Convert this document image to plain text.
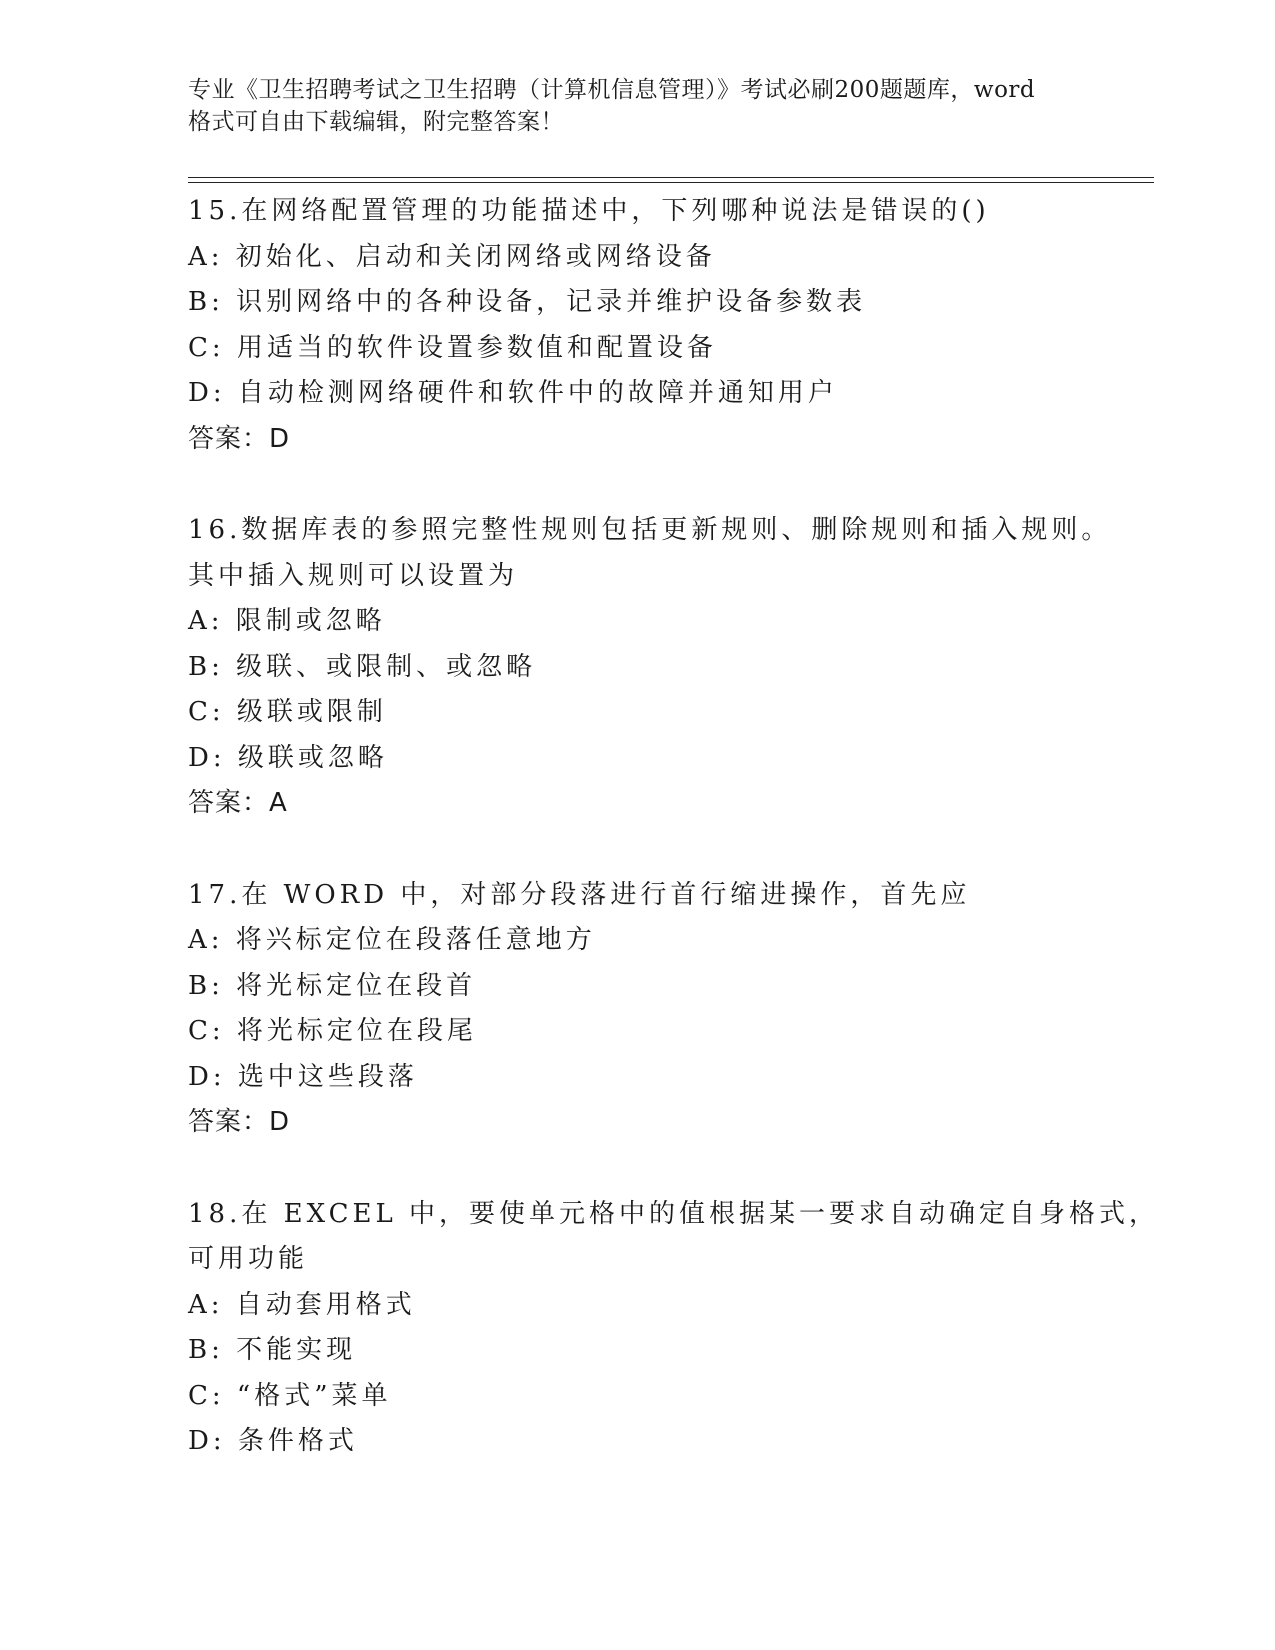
专业《卫生招聘考试之卫生招聘（计算机信息管理）》考试必刷200题题库，word
格式可自由下载编辑，附完整答案！
15.在网络配置管理的功能描述中，下列哪种说法是错误的()
A: 初始化、启动和关闭网络或网络设备
B: 识别网络中的各种设备，记录并维护设备参数表
C: 用适当的软件设置参数值和配置设备
D: 自动检测网络硬件和软件中的故障并通知用户
答案：D
16.数据库表的参照完整性规则包括更新规则、删除规则和插入规则。
其中插入规则可以设置为
A: 限制或忽略
B: 级联、或限制、或忽略
C: 级联或限制
D: 级联或忽略
答案：A
17.在 WORD 中，对部分段落进行首行缩进操作，首先应
A: 将兴标定位在段落任意地方
B: 将光标定位在段首
C: 将光标定位在段尾
D: 选中这些段落
答案：D
18.在 EXCEL 中，要使单元格中的值根据某一要求自动确定自身格式，
可用功能
A: 自动套用格式
B: 不能实现
C: “格式”菜单
D: 条件格式
